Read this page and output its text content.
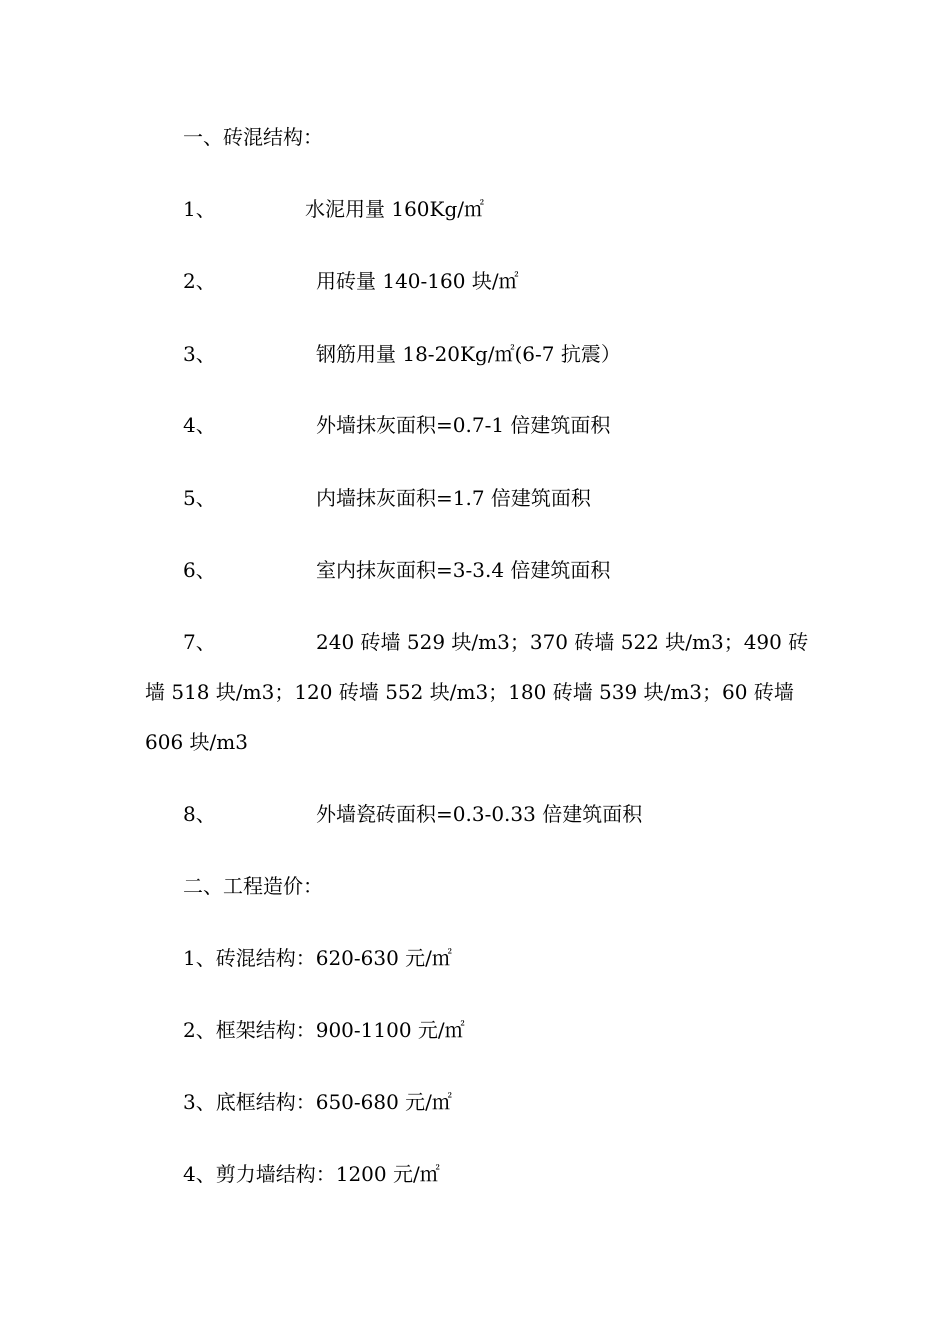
一、砖混结构：
1、	水泥用量 160Kg/㎡
2、	用砖量 140-160 块/㎡
3、	钢筋用量 18-20Kg/㎡(6-7 抗震）
4、	外墙抹灰面积=0.7-1 倍建筑面积
5、	内墙抹灰面积=1.7 倍建筑面积
6、	室内抹灰面积=3-3.4 倍建筑面积
7、	240 砖墙 529 块/m3；370 砖墙 522 块/m3；490 砖
墙 518 块/m3；120 砖墙 552 块/m3；180 砖墙 539 块/m3；60 砖墙
606 块/m3
8、	外墙瓷砖面积=0.3-0.33 倍建筑面积
二、工程造价：
1、砖混结构：620-630 元/㎡
2、框架结构：900-1100 元/㎡
3、底框结构：650-680 元/㎡
4、剪力墙结构：1200 元/㎡
